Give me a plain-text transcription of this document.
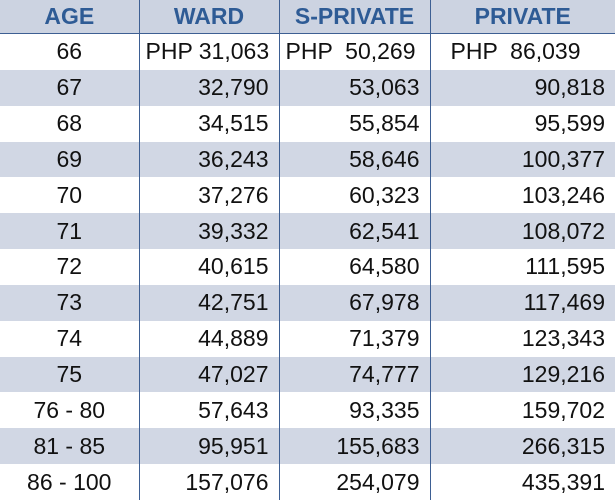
AGE	WARD	S-PRIVATE	PRIVATE
66	PHP 31,063	PHP  50,269	PHP  86,039
67	32,790	53,063	90,818
68	34,515	55,854	95,599
69	36,243	58,646	100,377
70	37,276	60,323	103,246
71	39,332	62,541	108,072
72	40,615	64,580	111,595
73	42,751	67,978	117,469
74	44,889	71,379	123,343
75	47,027	74,777	129,216
76 - 80	57,643	93,335	159,702
81 - 85	95,951	155,683	266,315
86 - 100	157,076	254,079	435,391
